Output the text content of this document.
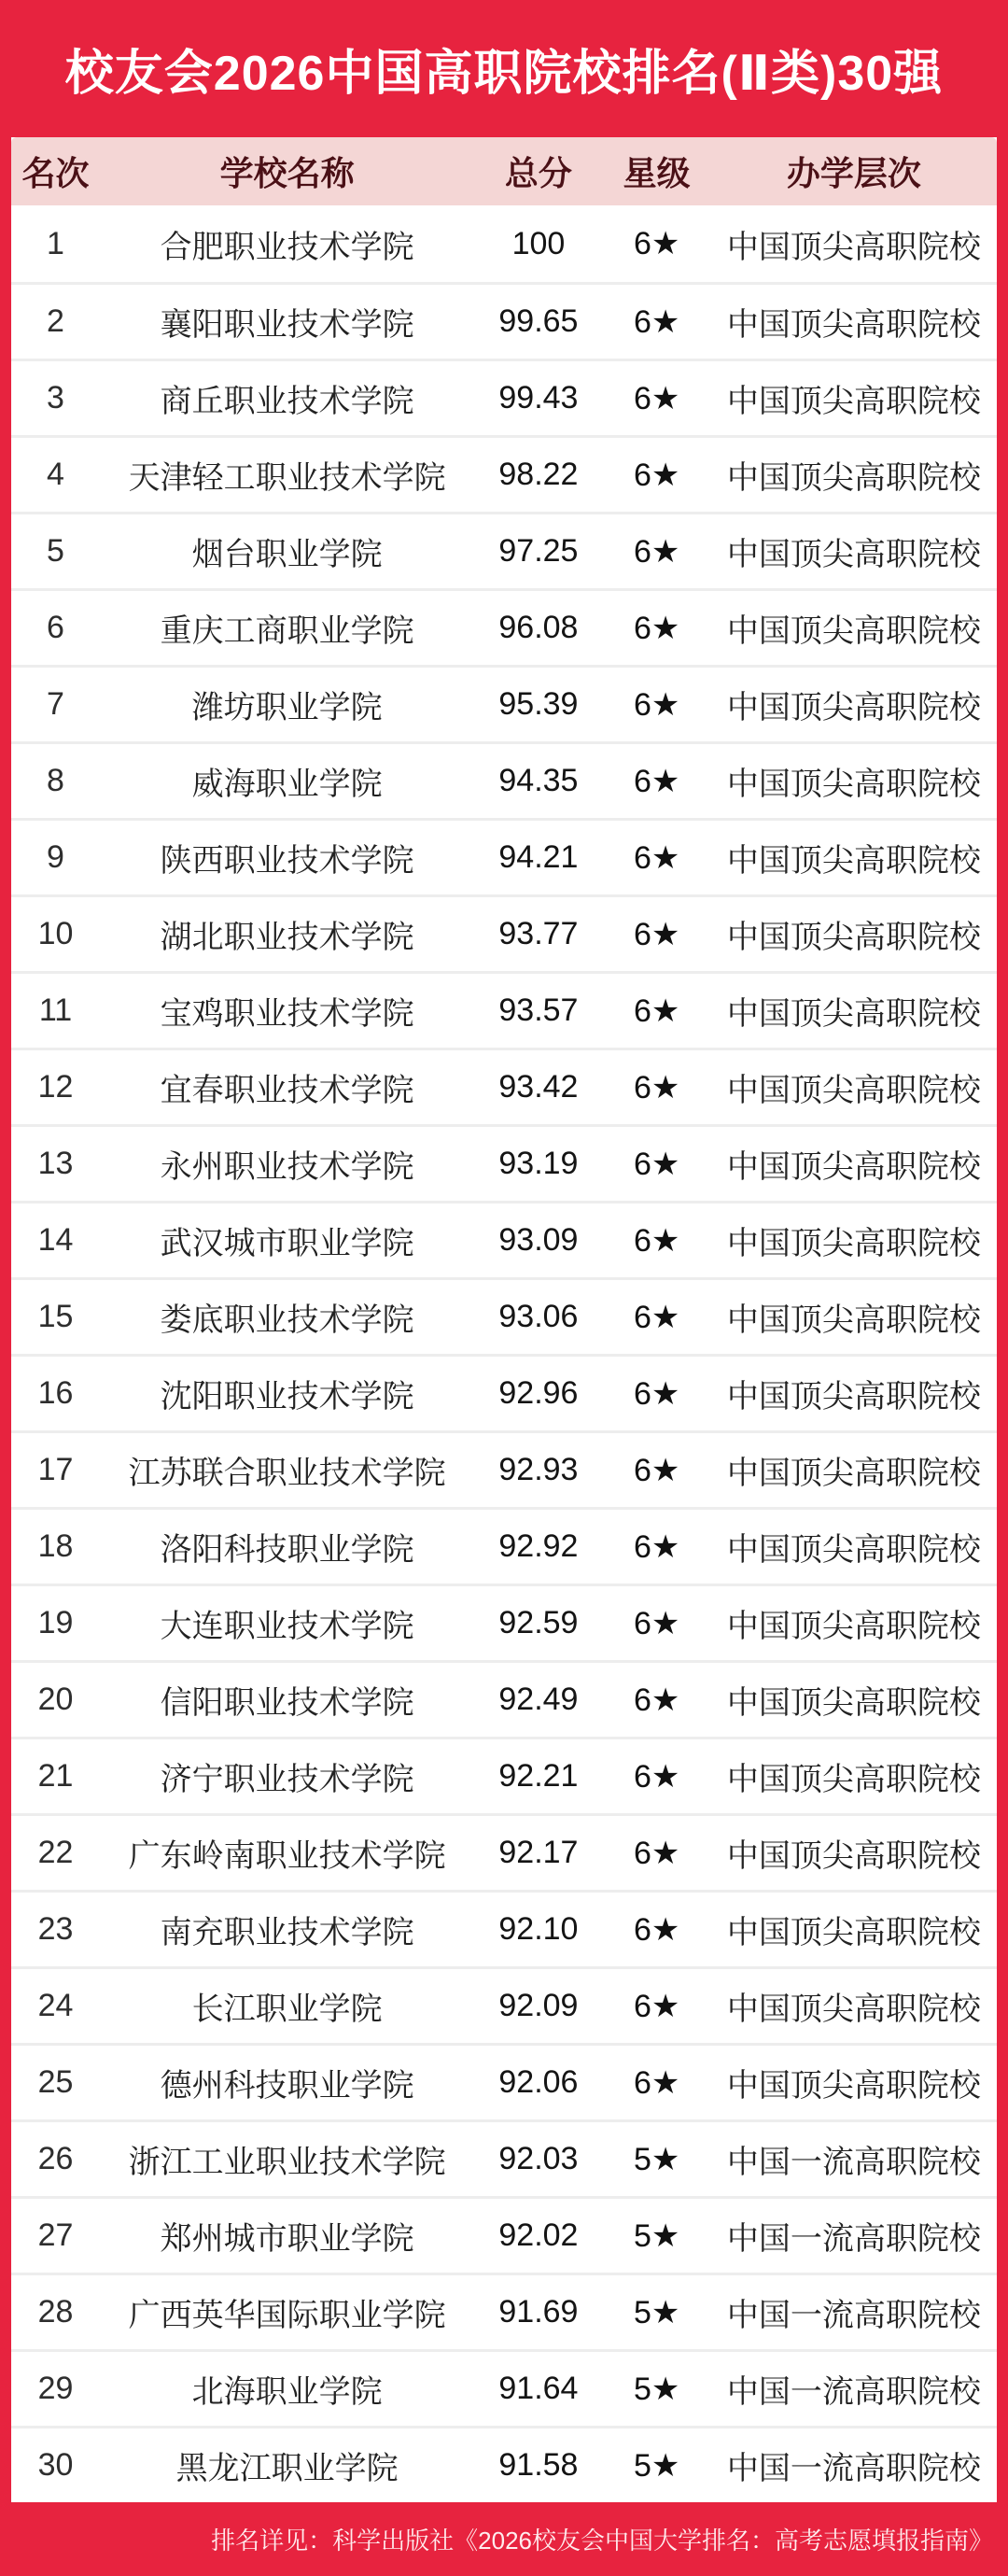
校友会2026中国高职院校排名(Ⅱ类)30强
名次	学校名称	总分	星级	办学层次
1	合肥职业技术学院	100	6★	中国顶尖高职院校
2	襄阳职业技术学院	99.65	6★	中国顶尖高职院校
3	商丘职业技术学院	99.43	6★	中国顶尖高职院校
4	天津轻工职业技术学院	98.22	6★	中国顶尖高职院校
5	烟台职业学院	97.25	6★	中国顶尖高职院校
6	重庆工商职业学院	96.08	6★	中国顶尖高职院校
7	潍坊职业学院	95.39	6★	中国顶尖高职院校
8	威海职业学院	94.35	6★	中国顶尖高职院校
9	陕西职业技术学院	94.21	6★	中国顶尖高职院校
10	湖北职业技术学院	93.77	6★	中国顶尖高职院校
11	宝鸡职业技术学院	93.57	6★	中国顶尖高职院校
12	宜春职业技术学院	93.42	6★	中国顶尖高职院校
13	永州职业技术学院	93.19	6★	中国顶尖高职院校
14	武汉城市职业学院	93.09	6★	中国顶尖高职院校
15	娄底职业技术学院	93.06	6★	中国顶尖高职院校
16	沈阳职业技术学院	92.96	6★	中国顶尖高职院校
17	江苏联合职业技术学院	92.93	6★	中国顶尖高职院校
18	洛阳科技职业学院	92.92	6★	中国顶尖高职院校
19	大连职业技术学院	92.59	6★	中国顶尖高职院校
20	信阳职业技术学院	92.49	6★	中国顶尖高职院校
21	济宁职业技术学院	92.21	6★	中国顶尖高职院校
22	广东岭南职业技术学院	92.17	6★	中国顶尖高职院校
23	南充职业技术学院	92.10	6★	中国顶尖高职院校
24	长江职业学院	92.09	6★	中国顶尖高职院校
25	德州科技职业学院	92.06	6★	中国顶尖高职院校
26	浙江工业职业技术学院	92.03	5★	中国一流高职院校
27	郑州城市职业学院	92.02	5★	中国一流高职院校
28	广西英华国际职业学院	91.69	5★	中国一流高职院校
29	北海职业学院	91.64	5★	中国一流高职院校
30	黑龙江职业学院	91.58	5★	中国一流高职院校
排名详见：科学出版社《2026校友会中国大学排名：高考志愿填报指南》
